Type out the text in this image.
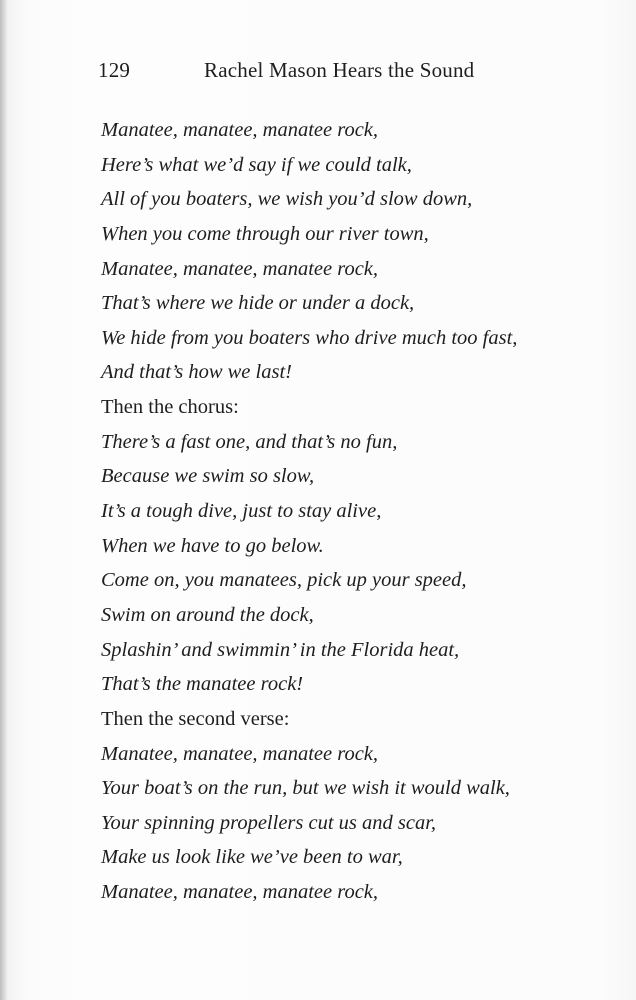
129	Rachel Mason Hears the Sound
Manatee, manatee, manatee rock,
Here’s what we’d say if we could talk,
All of you boaters, we wish you’d slow down,
When you come through our river town,
Manatee, manatee, manatee rock,
That’s where we hide or under a dock,
We hide from you boaters who drive much too fast,
And that’s how we last!
Then the chorus:
There’s a fast one, and that’s no fun,
Because we swim so slow,
It’s a tough dive, just to stay alive,
When we have to go below.
Come on, you manatees, pick up your speed,
Swim on around the dock,
Splashin’ and swimmin’ in the Florida heat,
That’s the manatee rock!
Then the second verse:
Manatee, manatee, manatee rock,
Your boat’s on the run, but we wish it would walk,
Your spinning propellers cut us and scar,
Make us look like we’ve been to war,
Manatee, manatee, manatee rock,
